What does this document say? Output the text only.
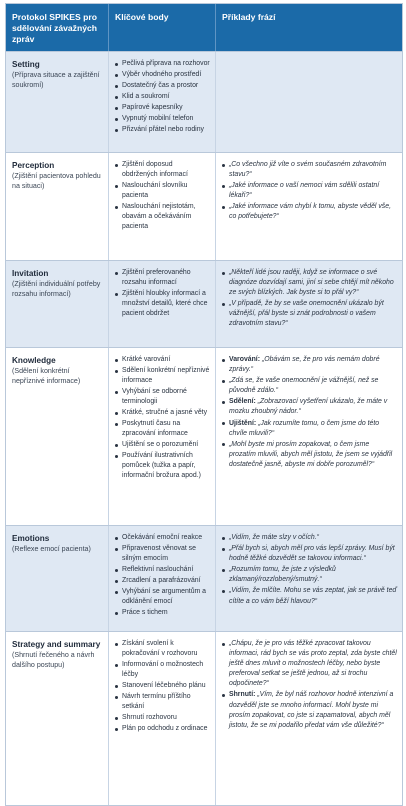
Protokol SPIKES pro sdělování závažných zpráv
Klíčové body	Příklady frází
Setting
(Příprava situace a zajištění soukromí)
Pečlivá příprava na rozhovor
Výběr vhodného prostředí
Dostatečný čas a prostor
Klid a soukromí
Papírové kapesníky
Vypnutý mobilní telefon
Přizvání přátel nebo rodiny
Perception
(Zjištění pacientova pohledu na situaci)
Zjištění doposud obdržených informací
Naslouchání slovníku pacienta
Naslouchání nejistotám, obavám a očekáváním pacienta
„Co všechno již víte o svém současném zdravotním stavu?“
„Jaké informace o vaší nemoci vám sdělili ostatní lékaři?“
„Jaké informace vám chybí k tomu, abyste věděl vše, co potřebujete?“
Invitation
(Zjištění individuální potřeby rozsahu informací)
Zjištění preferovaného rozsahu informací
Zjištění hloubky informací a množství detailů, které chce pacient obdržet
„Někteří lidé jsou raději, když se informace o své diagnóze dozvídají sami, jiní si sebe chtějí mít někoho ze svých blízkých. Jak byste si to přál vy?“
„V případě, že by se vaše onemocnění ukázalo být vážnější, přál byste si znát podrobnosti o vašem zdravotním stavu?“
Knowledge
(Sdělení konkrétní nepříznivé informace)
Krátké varování
Sdělení konkrétní nepříznivé informace
Vyhýbání se odborné terminologii
Krátké, stručné a jasné věty
Poskytnutí času na zpracování informace
Ujištění se o porozumění
Používání ilustrativních pomůcek (tužka a papír, informační brožura apod.)
Varování: „Obávám se, že pro vás nemám dobré zprávy.“
„Zdá se, že vaše onemocnění je vážnější, než se původně zdálo.“
Sdělení: „Zobrazovací vyšetření ukázalo, že máte v mozku zhoubný nádor.“
Ujištění: „Jak rozumíte tomu, o čem jsme do této chvíle mluvili?“
„Mohl byste mi prosím zopakovat, o čem jsme prozatím mluvili, abych měl jistotu, že jsem se vyjádřil dostatečně jasně, abyste mi dobře porozuměl?“
Emotions
(Reflexe emocí pacienta)
Očekávání emoční reakce
Připravenost věnovat se silným emocím
Reflektivní naslouchání
Zrcadlení a parafrázování
Vyhýbání se argumentům a odklánění emocí
Práce s tichem
„Vidím, že máte slzy v očích.“
„Přál bych si, abych měl pro vás lepší zprávy. Musí být hodně těžké dozvědět se takovou informaci.“
„Rozumím tomu, že jste z výsledků zklamaný/rozzlobený/smutný.“
„Vidím, že mlčíte. Mohu se vás zeptat, jak se právě teď cítíte a co vám běží hlavou?“
Strategy and summary
(Shrnutí řečeného a návrh dalšího postupu)
Získání svolení k pokračování v rozhovoru
Informování o možnostech léčby
Stanovení léčebného plánu
Návrh termínu příštího setkání
Shrnutí rozhovoru
Plán po odchodu z ordinace
„Chápu, že je pro vás těžké zpracovat takovou informaci, rád bych se vás proto zeptal, zda byste chtěl ještě dnes mluvit o možnostech léčby, nebo byste preferoval setkat se ještě jednou, až si trochu odpočinete?“
Shrnutí: „Vím, že byl náš rozhovor hodně intenzivní a dozvěděl jste se mnoho informací. Mohl byste mi prosím zopakovat, co jste si zapamatoval, abych měl jistotu, že se mi podařilo předat vám vše důležité?“
